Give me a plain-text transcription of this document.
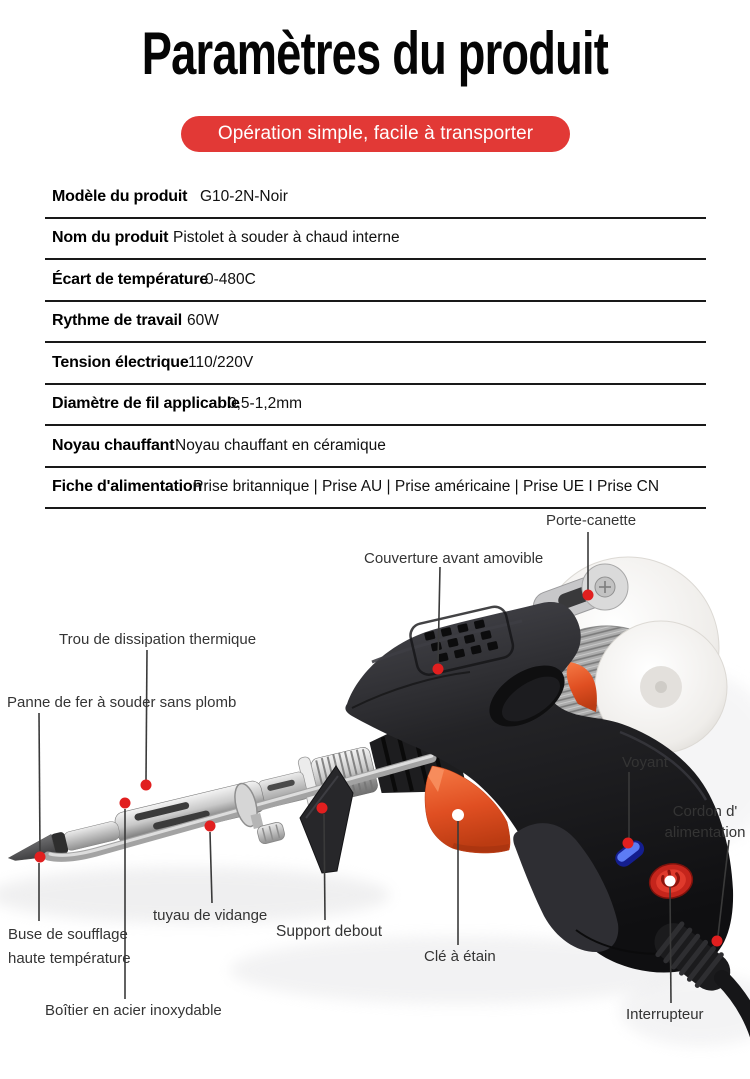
Paramètres du produit
Opération simple, facile à transporter
Modèle du produit G10-2N-Noir
Nom du produit Pistolet à souder à chaud interne
Écart de température
0-480C
Rythme de travail 60W
Tension électrique 110/220V
Diamètre de fil applicable
0,5-1,2mm
Noyau chauffant Noyau chauffant en céramique
Fiche d'alimentation
Prise britannique | Prise AU | Prise américaine | Prise UE I Prise CN
Porte-canette
Couverture avant amovible
Trou de dissipation thermique
Panne de fer à souder sans plomb
Voyant
Cordon d'
alimentation
Buse de soufflage
haute température
tuyau de vidange
Support debout
Clé à étain
Boîtier en acier inoxydable	Interrupteur
